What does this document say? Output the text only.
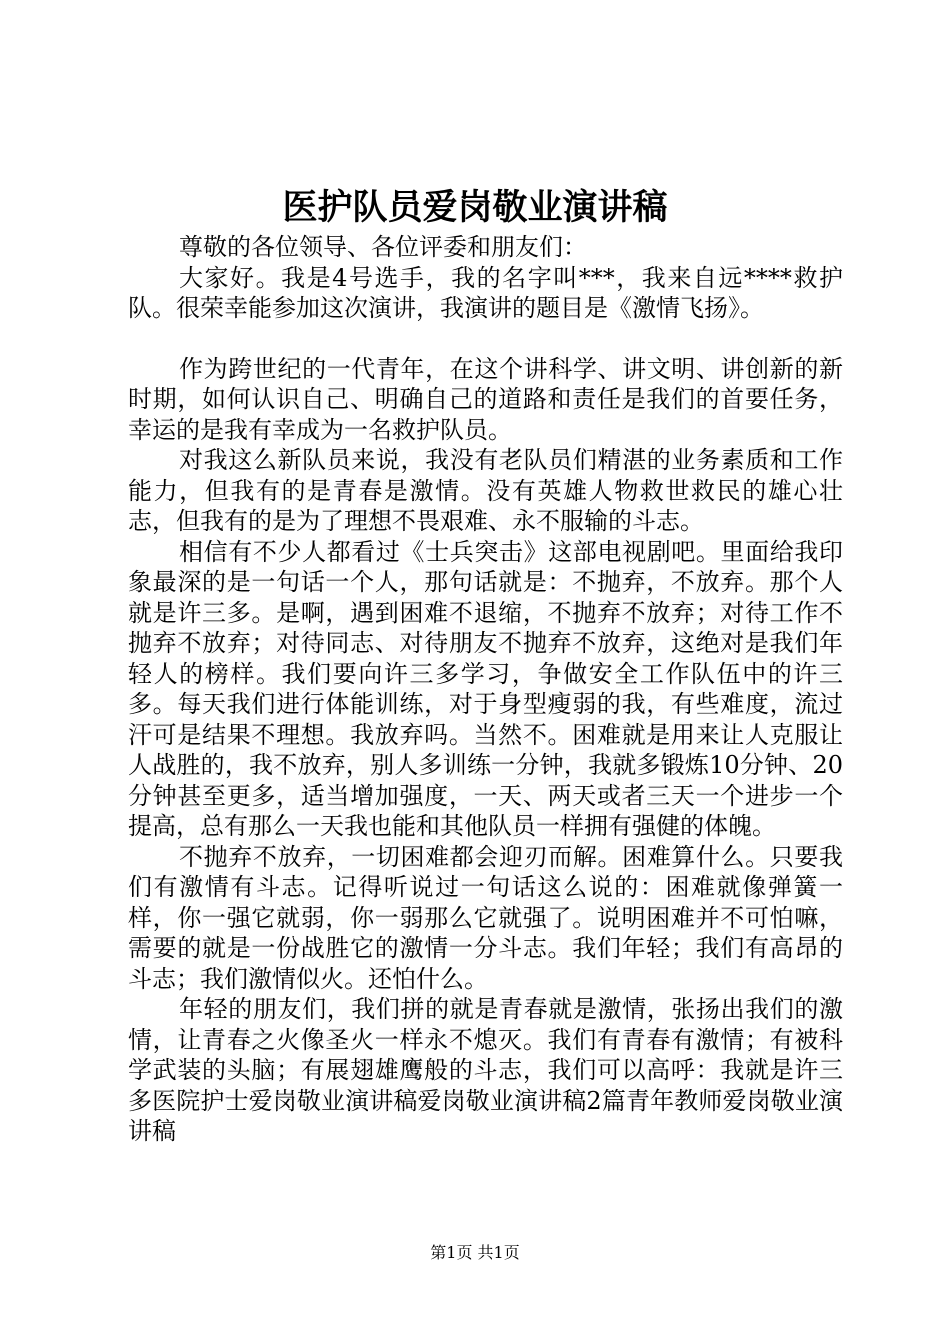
医护队员爱岗敬业演讲稿

尊敬的各位领导、各位评委和朋友们：

大家好。我是4号选手，我的名字叫***，我来自远****救护队。很荣幸能参加这次演讲，我演讲的题目是《激情飞扬》。

作为跨世纪的一代青年，在这个讲科学、讲文明、讲创新的新时期，如何认识自己、明确自己的道路和责任是我们的首要任务，幸运的是我有幸成为一名救护队员。

对我这么新队员来说，我没有老队员们精湛的业务素质和工作能力，但我有的是青春是激情。没有英雄人物救世救民的雄心壮志，但我有的是为了理想不畏艰难、永不服输的斗志。

相信有不少人都看过《士兵突击》这部电视剧吧。里面给我印象最深的是一句话一个人，那句话就是：不抛弃，不放弃。那个人就是许三多。是啊，遇到困难不退缩，不抛弃不放弃；对待工作不抛弃不放弃；对待同志、对待朋友不抛弃不放弃，这绝对是我们年轻人的榜样。我们要向许三多学习，争做安全工作队伍中的许三多。每天我们进行体能训练，对于身型瘦弱的我，有些难度，流过汗可是结果不理想。我放弃吗。当然不。困难就是用来让人克服让人战胜的，我不放弃，别人多训练一分钟，我就多锻炼10分钟、20分钟甚至更多，适当增加强度，一天、两天或者三天一个进步一个提高，总有那么一天我也能和其他队员一样拥有强健的体魄。

不抛弃不放弃，一切困难都会迎刃而解。困难算什么。只要我们有激情有斗志。记得听说过一句话这么说的：困难就像弹簧一样，你一强它就弱，你一弱那么它就强了。说明困难并不可怕嘛，需要的就是一份战胜它的激情一分斗志。我们年轻；我们有高昂的斗志；我们激情似火。还怕什么。

年轻的朋友们，我们拼的就是青春就是激情，张扬出我们的激情，让青春之火像圣火一样永不熄灭。我们有青春有激情；有被科学武装的头脑；有展翅雄鹰般的斗志，我们可以高呼：我就是许三多医院护士爱岗敬业演讲稿爱岗敬业演讲稿2篇青年教师爱岗敬业演讲稿

第1页 共1页
